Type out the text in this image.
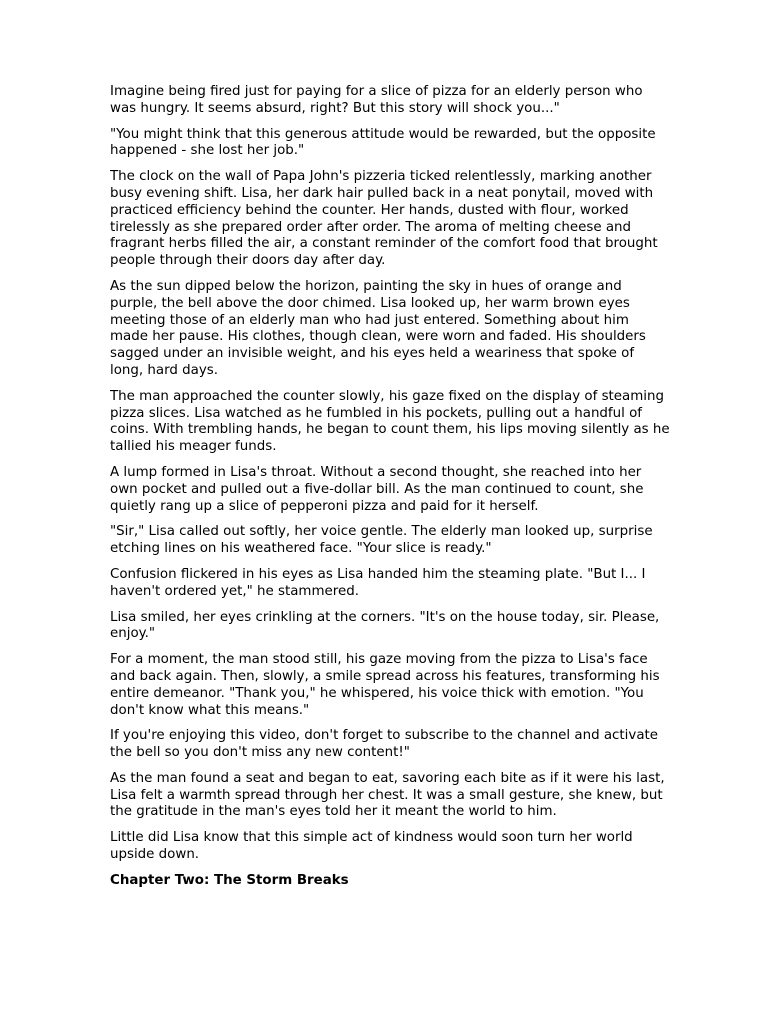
Imagine being fired just for paying for a slice of pizza for an elderly person who was hungry. It seems absurd, right? But this story will shock you..."

"You might think that this generous attitude would be rewarded, but the opposite happened - she lost her job."

The clock on the wall of Papa John's pizzeria ticked relentlessly, marking another busy evening shift. Lisa, her dark hair pulled back in a neat ponytail, moved with practiced efficiency behind the counter. Her hands, dusted with flour, worked tirelessly as she prepared order after order. The aroma of melting cheese and fragrant herbs filled the air, a constant reminder of the comfort food that brought people through their doors day after day.

As the sun dipped below the horizon, painting the sky in hues of orange and purple, the bell above the door chimed. Lisa looked up, her warm brown eyes meeting those of an elderly man who had just entered. Something about him made her pause. His clothes, though clean, were worn and faded. His shoulders sagged under an invisible weight, and his eyes held a weariness that spoke of long, hard days.

The man approached the counter slowly, his gaze fixed on the display of steaming pizza slices. Lisa watched as he fumbled in his pockets, pulling out a handful of coins. With trembling hands, he began to count them, his lips moving silently as he tallied his meager funds.

A lump formed in Lisa's throat. Without a second thought, she reached into her own pocket and pulled out a five-dollar bill. As the man continued to count, she quietly rang up a slice of pepperoni pizza and paid for it herself.

"Sir," Lisa called out softly, her voice gentle. The elderly man looked up, surprise etching lines on his weathered face. "Your slice is ready."

Confusion flickered in his eyes as Lisa handed him the steaming plate. "But I... I haven't ordered yet," he stammered.

Lisa smiled, her eyes crinkling at the corners. "It's on the house today, sir. Please, enjoy."

For a moment, the man stood still, his gaze moving from the pizza to Lisa's face and back again. Then, slowly, a smile spread across his features, transforming his entire demeanor. "Thank you," he whispered, his voice thick with emotion. "You don't know what this means."

If you're enjoying this video, don't forget to subscribe to the channel and activate the bell so you don't miss any new content!"

As the man found a seat and began to eat, savoring each bite as if it were his last, Lisa felt a warmth spread through her chest. It was a small gesture, she knew, but the gratitude in the man's eyes told her it meant the world to him.

Little did Lisa know that this simple act of kindness would soon turn her world upside down.

Chapter Two: The Storm Breaks
